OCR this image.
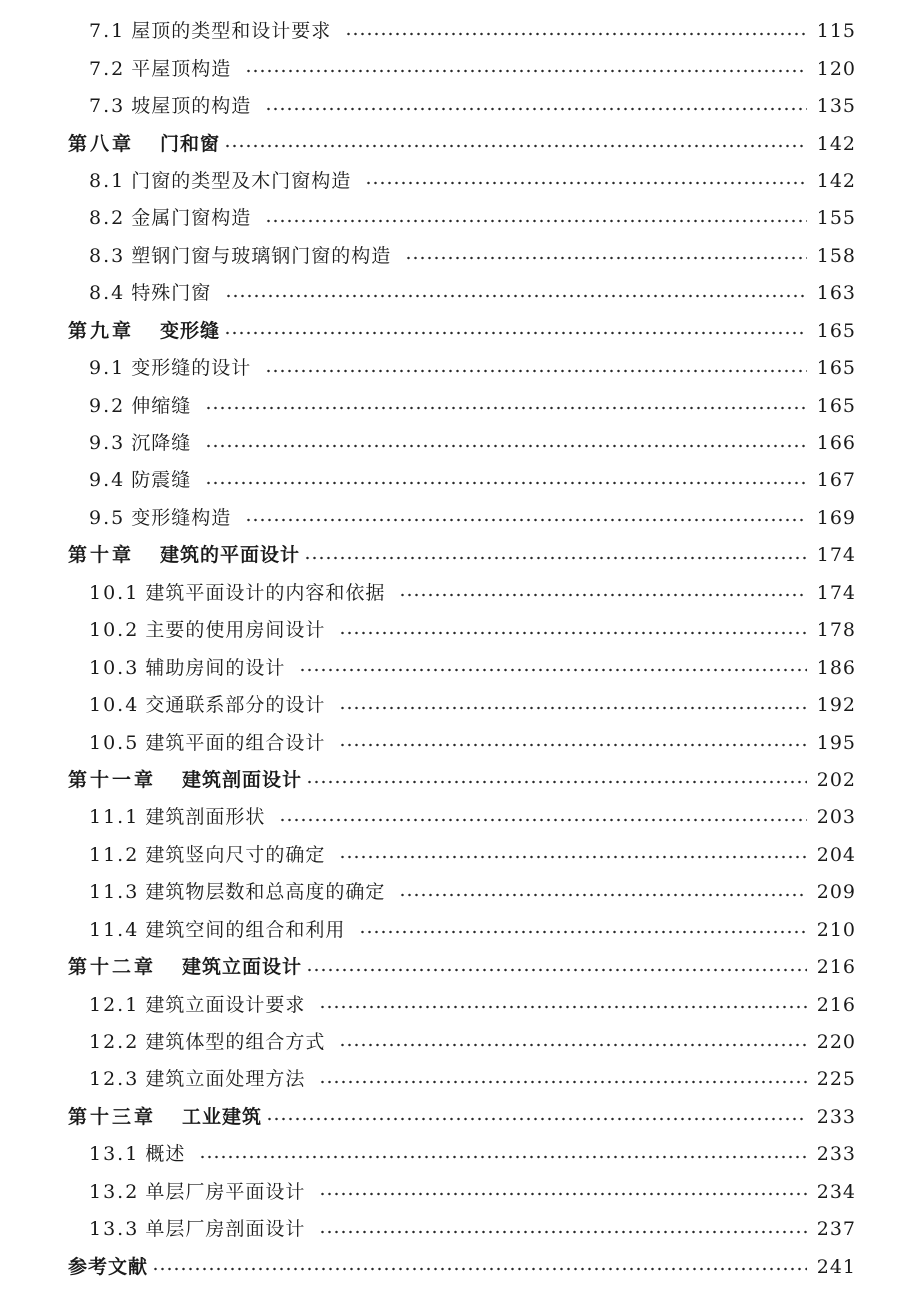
7.1 屋顶的类型和设计要求	115
7.2 平屋顶构造	120
7.3 坡屋顶的构造	135
第八章 门和窗	142
8.1 门窗的类型及木门窗构造	142
8.2 金属门窗构造	155
8.3 塑钢门窗与玻璃钢门窗的构造	158
8.4 特殊门窗	163
第九章 变形缝	165
9.1 变形缝的设计	165
9.2 伸缩缝	165
9.3 沉降缝	166
9.4 防震缝	167
9.5 变形缝构造	169
第十章 建筑的平面设计	174
10.1 建筑平面设计的内容和依据	174
10.2 主要的使用房间设计	178
10.3 辅助房间的设计	186
10.4 交通联系部分的设计	192
10.5 建筑平面的组合设计	195
第十一章 建筑剖面设计	202
11.1 建筑剖面形状	203
11.2 建筑竖向尺寸的确定	204
11.3 建筑物层数和总高度的确定	209
11.4 建筑空间的组合和利用	210
第十二章 建筑立面设计	216
12.1 建筑立面设计要求	216
12.2 建筑体型的组合方式	220
12.3 建筑立面处理方法	225
第十三章 工业建筑	233
13.1 概述	233
13.2 单层厂房平面设计	234
13.3 单层厂房剖面设计	237
参考文献	241
